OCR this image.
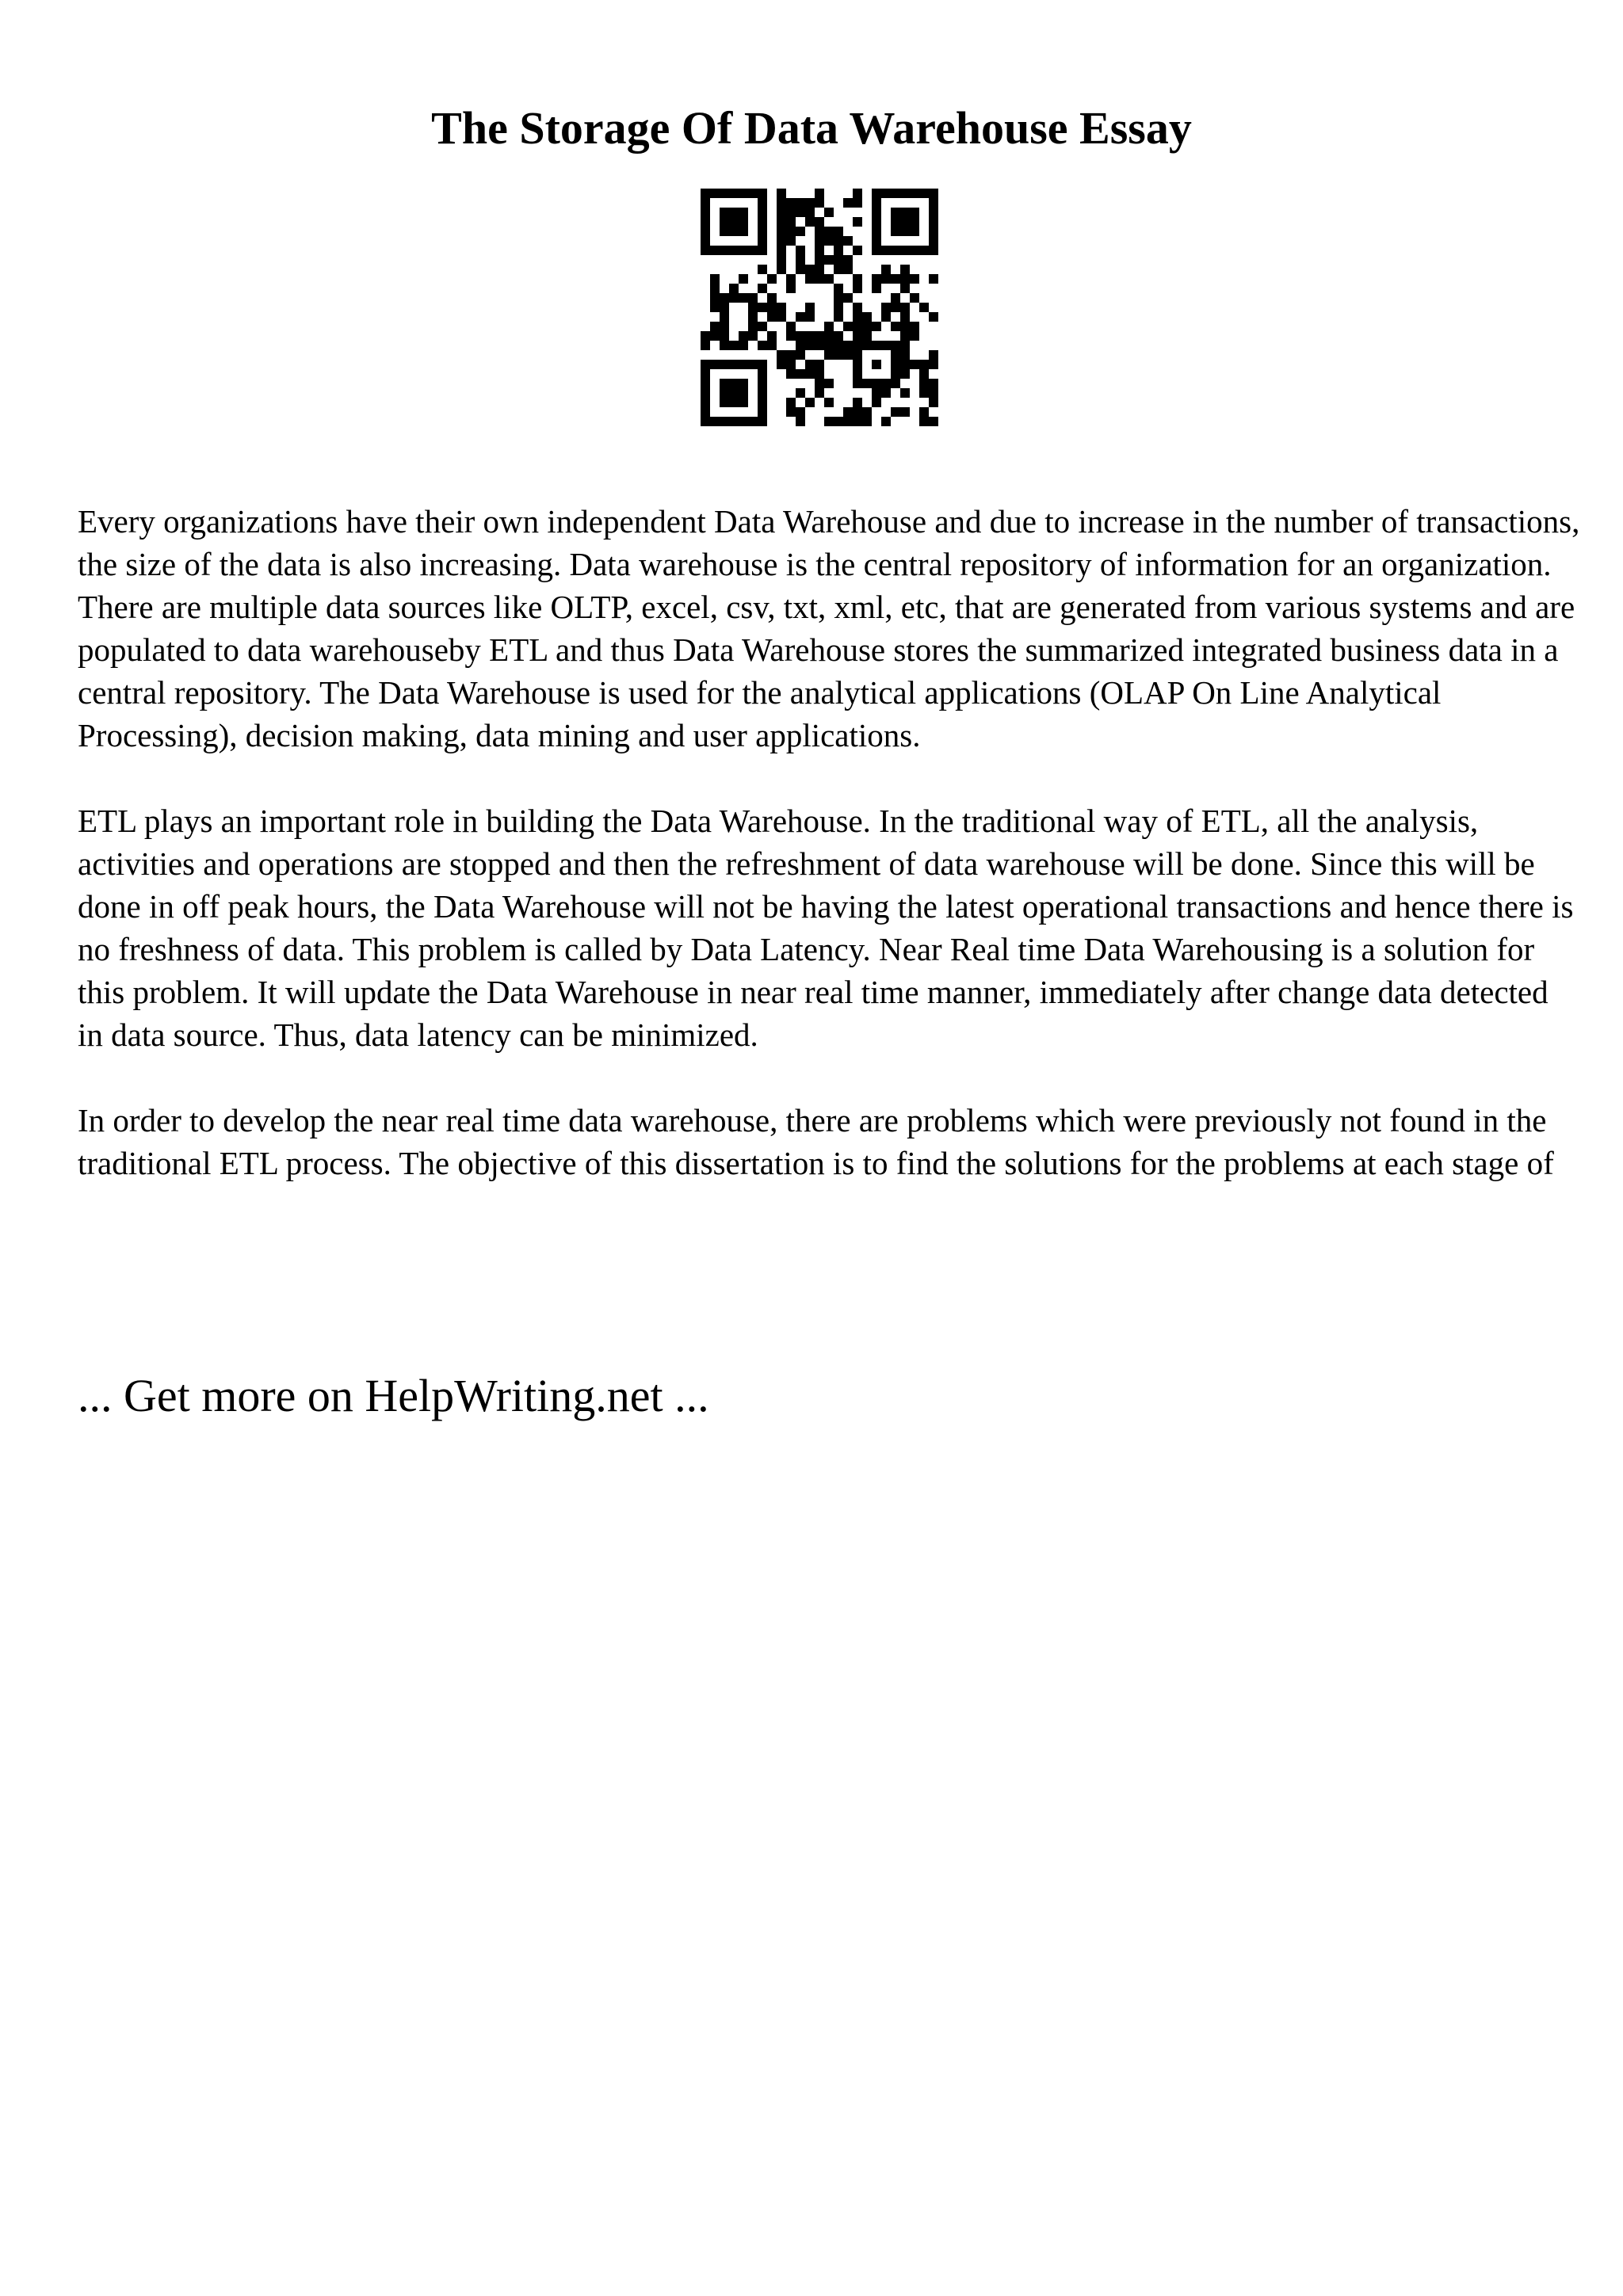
The Storage Of Data Warehouse Essay

Every organizations have their own independent Data Warehouse and due to increase in the number of transactions, the size of the data is also increasing. Data warehouse is the central repository of information for an organization. There are multiple data sources like OLTP, excel, csv, txt, xml, etc, that are generated from various systems and are populated to data warehouseby ETL and thus Data Warehouse stores the summarized integrated business data in a central repository. The Data Warehouse is used for the analytical applications (OLAP On Line Analytical Processing), decision making, data mining and user applications.

ETL plays an important role in building the Data Warehouse. In the traditional way of ETL, all the analysis, activities and operations are stopped and then the refreshment of data warehouse will be done. Since this will be done in off peak hours, the Data Warehouse will not be having the latest operational transactions and hence there is no freshness of data. This problem is called by Data Latency. Near Real time Data Warehousing is a solution for this problem. It will update the Data Warehouse in near real time manner, immediately after change data detected in data source. Thus, data latency can be minimized.

In order to develop the near real time data warehouse, there are problems which were previously not found in the traditional ETL process. The objective of this dissertation is to find the solutions for the problems at each stage of

... Get more on HelpWriting.net ...
